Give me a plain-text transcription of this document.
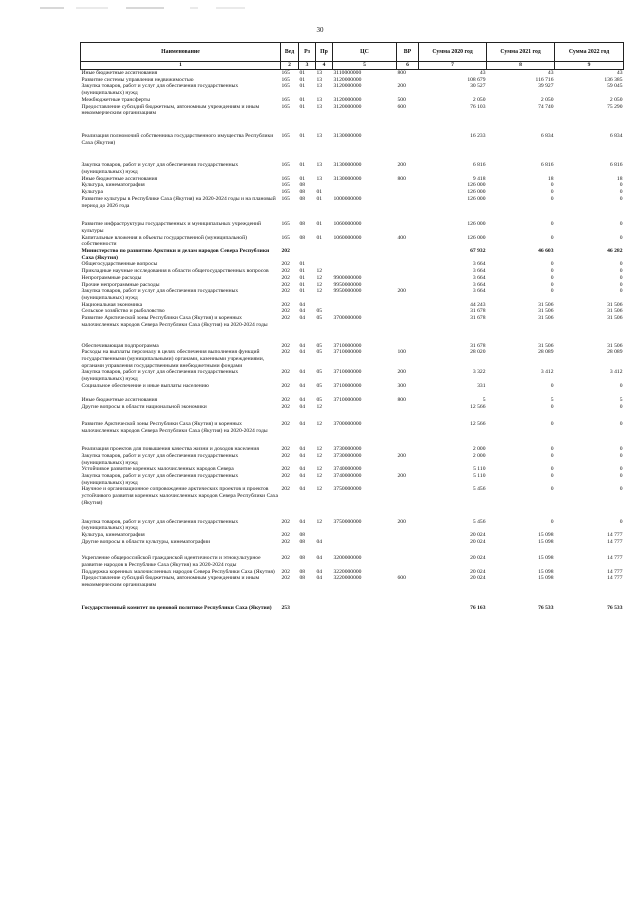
30
Наименование	Вед	Рз	Пр	ЦС	ВР	Сумма 2020 год	Сумма 2021 год	Сумма 2022 год
1	2	3	4	5	6	7	8	9
Иные бюджетные ассигнования	165	01	13	3110000000	800	43	43	43
Развитие системы управления недвижимостью	165	01	13	3120000000		108 679	116 716	136 385
Закупка товаров, работ и услуг для обеспечения государственных (муниципальных) нужд	165	01	13	3120000000	200	30 527	39 927	59 045
Межбюджетные трансферты	165	01	13	3120000000	500	2 050	2 050	2 050
Предоставление субсидий бюджетным, автономным учреждениям и иным некоммерческим организациям	165	01	13	3120000000	600	76 103	74 740	75 290
Реализация полномочий собственника государственного имущества Республики Саха (Якутия)	165	01	13	3130000000		16 233	6 834	6 834
Закупка товаров, работ и услуг для обеспечения государственных (муниципальных) нужд	165	01	13	3130000000	200	6 816	6 816	6 816
Иные бюджетные ассигнования	165	01	13	3130000000	800	9 418	18	18
Культура, кинематография	165	08				126 000	0	0
Культура	165	08	01			126 000	0	0
Развитие культуры в Республике Саха (Якутия) на 2020-2024 годы и на плановый период до 2026 года	165	08	01	1000000000		126 000	0	0
Развитие инфраструктуры государственных и муниципальных учреждений культуры	165	08	01	1060000000		126 000	0	0
Капитальные вложения в объекты государственной (муниципальной) собственности	165	08	01	1060000000	400	126 000	0	0
Министерство по развитию Арктики и делам народов Севера Республики Саха (Якутия)	202					67 932	46 603	46 282
Общегосударственные вопросы	202	01				3 664	0	0
Прикладные научные исследования в области общегосударственных вопросов	202	01	12			3 664	0	0
Непрограммные расходы	202	01	12	9900000000		3 664	0	0
Прочие непрограммные расходы	202	01	12	9950000000		3 664	0	0
Закупка товаров, работ и услуг для обеспечения государственных (муниципальных) нужд	202	01	12	9950000000	200	3 664	0	0
Национальная экономика	202	04				44 243	31 506	31 506
Сельское хозяйство и рыболовство	202	04	05			31 678	31 506	31 506
Развитие Арктической зоны Республики Саха (Якутия) и коренных малочисленных народов Севера Республики Саха (Якутия) на 2020-2024 годы	202	04	05	3700000000		31 678	31 506	31 506
Обеспечивающая подпрограмма	202	04	05	3710000000		31 678	31 506	31 506
Расходы на выплаты персоналу в целях обеспечения выполнения функций государственными (муниципальными) органами, казенными учреждениями, органами управления государственными внебюджетными фондами	202	04	05	3710000000	100	28 020	28 089	28 089
Закупка товаров, работ и услуг для обеспечения государственных (муниципальных) нужд	202	04	05	3710000000	200	3 322	3 412	3 412
Социальное обеспечение и иные выплаты населению	202	04	05	3710000000	300	331	0	0
Иные бюджетные ассигнования	202	04	05	3710000000	800	5	5	5
Другие вопросы в области национальной экономики	202	04	12			12 566	0	0
Развитие Арктической зоны Республики Саха (Якутия) и коренных малочисленных народов Севера Республики Саха (Якутия) на 2020-2024 годы	202	04	12	3700000000		12 566	0	0
Реализация проектов для повышения качества жизни и доходов населения	202	04	12	3730000000		2 000	0	0
Закупка товаров, работ и услуг для обеспечения государственных (муниципальных) нужд	202	04	12	3730000000	200	2 000	0	0
Устойчивое развитие коренных малочисленных народов Севера	202	04	12	3740000000		5 110	0	0
Закупка товаров, работ и услуг для обеспечения государственных (муниципальных) нужд	202	04	12	3740000000	200	5 110	0	0
Научное и организационное сопровождение арктических проектов и проектов устойчивого развития коренных малочисленных народов Севера Республики Саха (Якутия)	202	04	12	3750000000		5 456	0	0
Закупка товаров, работ и услуг для обеспечения государственных (муниципальных) нужд	202	04	12	3750000000	200	5 456	0	0
Культура, кинематография	202	08				20 024	15 098	14 777
Другие вопросы в области культуры, кинематографии	202	08	04			20 024	15 098	14 777
Укрепление общероссийской гражданской идентичности и этнокультурное развитие народов в Республике Саха (Якутия) на 2020-2024 годы	202	08	04	3200000000		20 024	15 098	14 777
Поддержка коренных малочисленных народов Севера Республики Саха (Якутия)	202	08	04	3220000000		20 024	15 098	14 777
Предоставление субсидий бюджетным, автономным учреждениям и иным некоммерческим организациям	202	08	04	3220000000	600	20 024	15 098	14 777
Государственный комитет по ценовой политике Республики Саха (Якутия)	253					76 163	76 533	76 533
